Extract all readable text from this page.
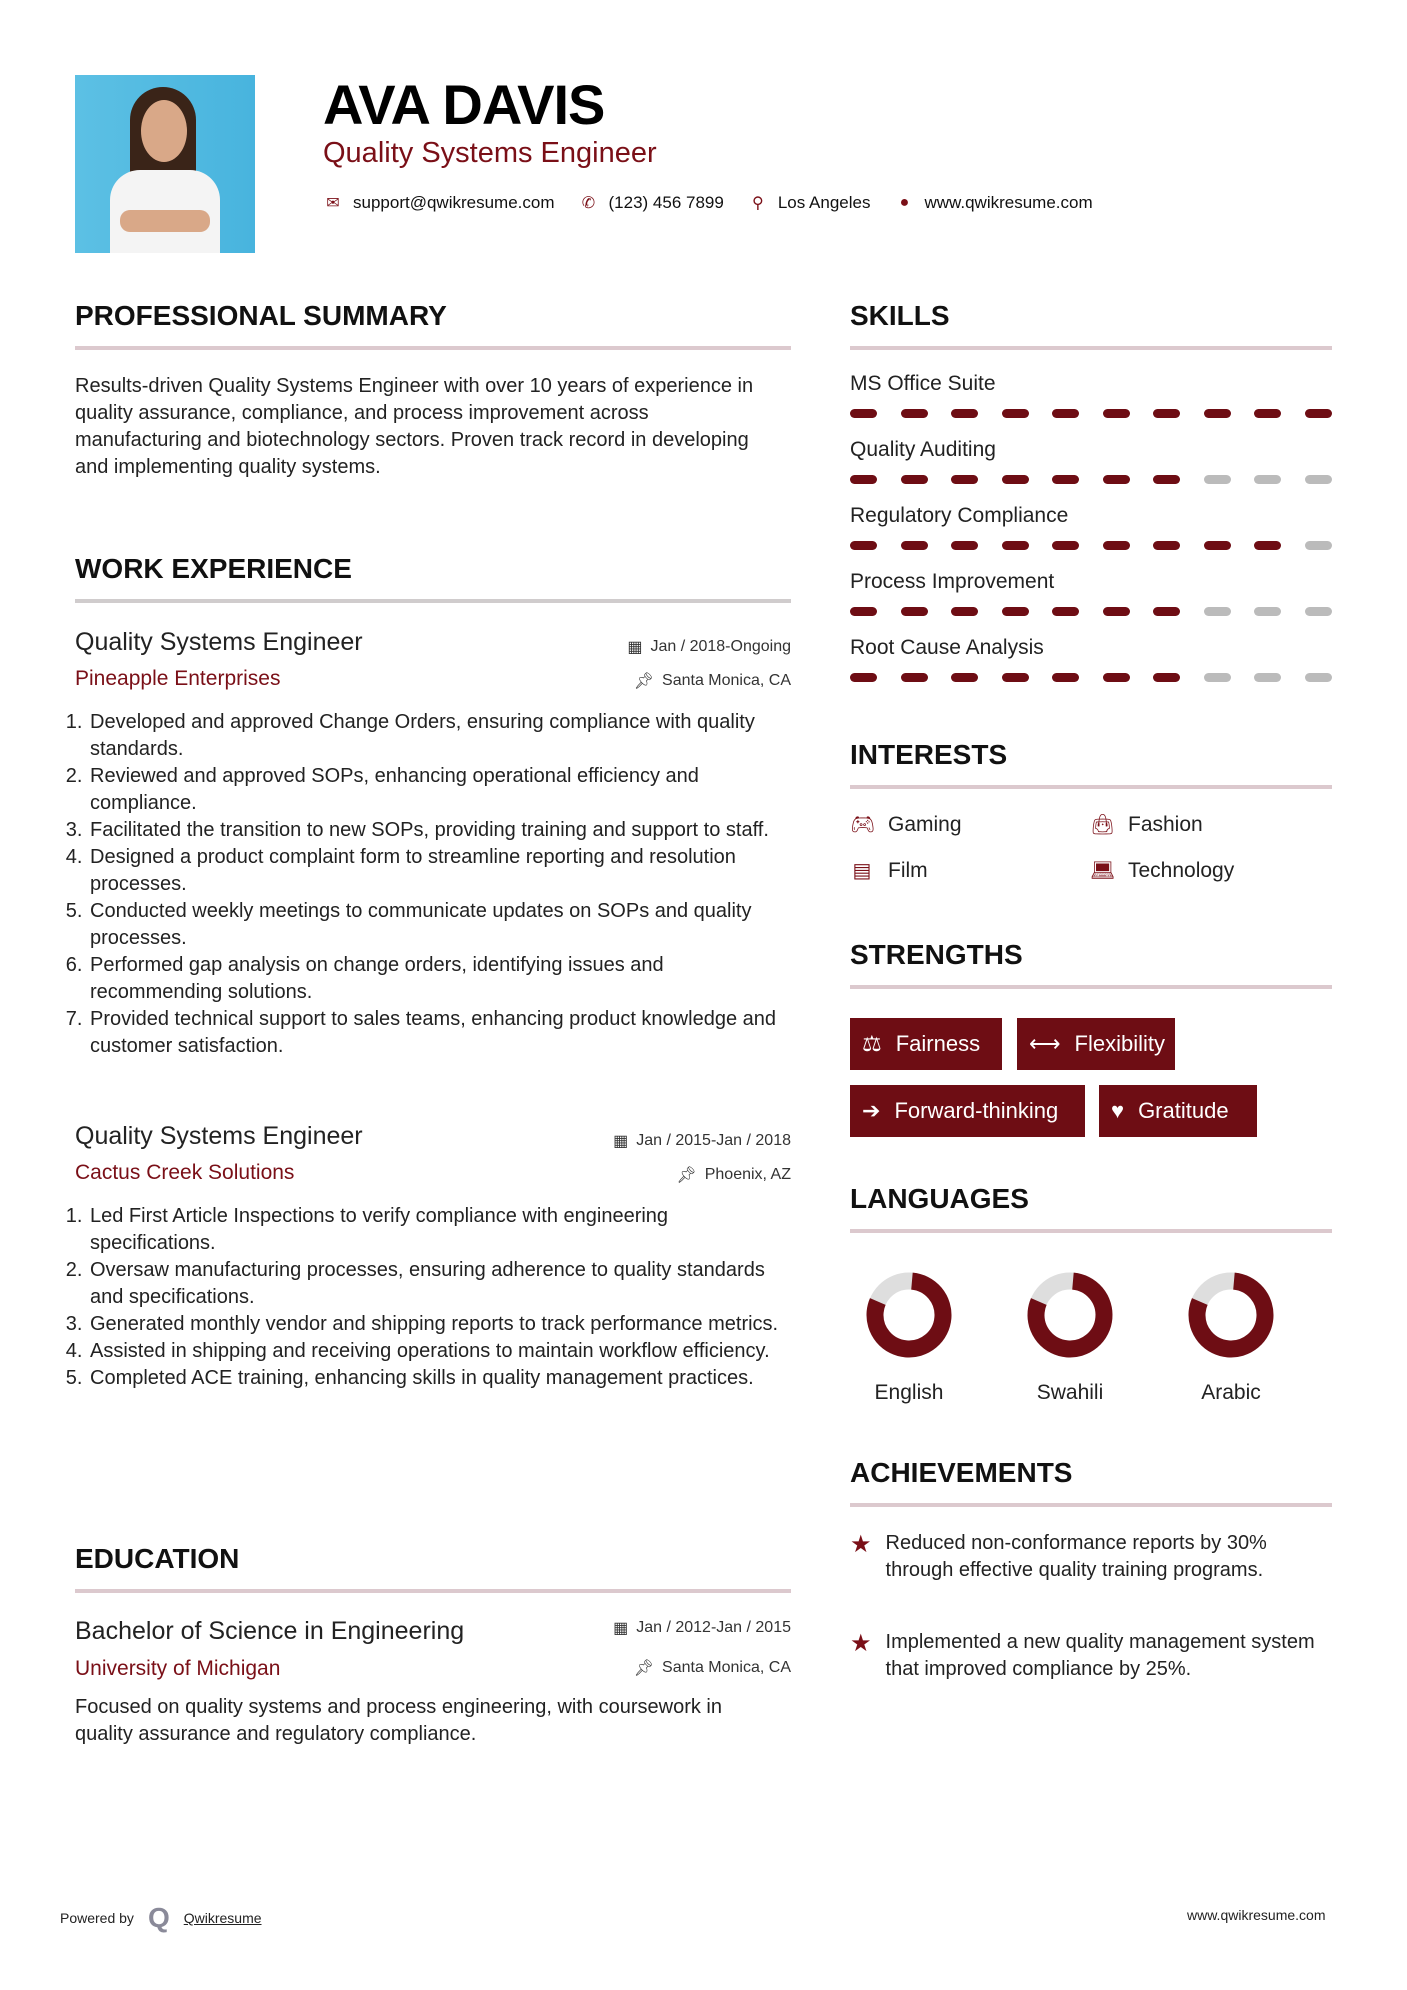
AVA DAVIS
Quality Systems Engineer
✉ support@qwikresume.com ✆ (123) 456 7899 ⚲ Los Angeles	● www.qwikresume.com
PROFESSIONAL SUMMARY
Results-driven Quality Systems Engineer with over 10 years of experience in quality assurance, compliance, and process improvement across manufacturing and biotechnology sectors. Proven track record in developing and implementing quality systems.
WORK EXPERIENCE
Quality Systems Engineer	▦ Jan / 2018-Ongoing
Pineapple Enterprises	📌︎ Santa Monica, CA
1. Developed and approved Change Orders, ensuring compliance with quality standards.
2. Reviewed and approved SOPs, enhancing operational efficiency and compliance.
3. Facilitated the transition to new SOPs, providing training and support to staff.
4. Designed a product complaint form to streamline reporting and resolution processes.
5. Conducted weekly meetings to communicate updates on SOPs and quality processes.
6. Performed gap analysis on change orders, identifying issues and recommending solutions.
7. Provided technical support to sales teams, enhancing product knowledge and customer satisfaction.
Quality Systems Engineer	▦ Jan / 2015-Jan / 2018
Cactus Creek Solutions	📌︎ Phoenix, AZ
1. Led First Article Inspections to verify compliance with engineering specifications.
2. Oversaw manufacturing processes, ensuring adherence to quality standards and specifications.
3. Generated monthly vendor and shipping reports to track performance metrics.
4. Assisted in shipping and receiving operations to maintain workflow efficiency.
5. Completed ACE training, enhancing skills in quality management practices.
EDUCATION
Bachelor of Science in Engineering	▦ Jan / 2012-Jan / 2015
University of Michigan	📌︎ Santa Monica, CA
Focused on quality systems and process engineering, with coursework in quality assurance and regulatory compliance.
SKILLS
MS Office Suite
Quality Auditing
Regulatory Compliance
Process Improvement
Root Cause Analysis
INTERESTS
🎮︎ Gaming	👜︎ Fashion
▤ Film	💻︎ Technology
STRENGTHS
⚖ Fairness ⟷ Flexibility
➔ Forward-thinking ♥ Gratitude
LANGUAGES
English	Swahili	Arabic
ACHIEVEMENTS
★ Reduced non-conformance reports by 30% through effective quality training programs.
★ Implemented a new quality management system that improved compliance by 25%.
Powered by Q Qwikresume	www.qwikresume.com
